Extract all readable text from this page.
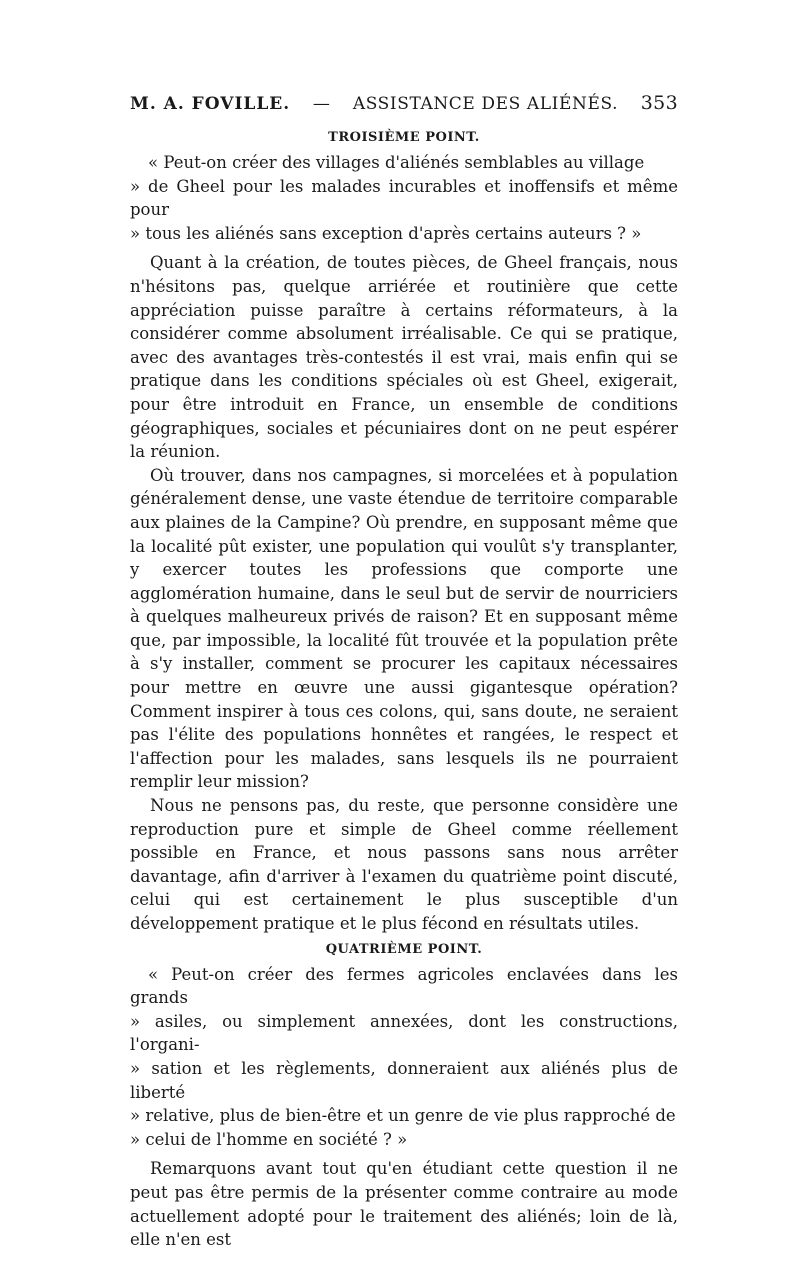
M. A. FOVILLE. — ASSISTANCE DES ALIÉNÉS. 353
TROISIÈME POINT.

« Peut-on créer des villages d'aliénés semblables au village
» de Gheel pour les malades incurables et inoffensifs et même pour
» tous les aliénés sans exception d'après certains auteurs ? »

Quant à la création, de toutes pièces, de Gheel français, nous n'hésitons pas, quelque arriérée et routinière que cette appréciation puisse paraître à certains réformateurs, à la considérer comme absolument irréalisable. Ce qui se pratique, avec des avantages très-contestés il est vrai, mais enfin qui se pratique dans les conditions spéciales où est Gheel, exigerait, pour être introduit en France, un ensemble de conditions géographiques, sociales et pécuniaires dont on ne peut espérer la réunion.

Où trouver, dans nos campagnes, si morcelées et à population généralement dense, une vaste étendue de territoire comparable aux plaines de la Campine? Où prendre, en supposant même que la localité pût exister, une population qui voulût s'y transplanter, y exercer toutes les professions que comporte une agglomération humaine, dans le seul but de servir de nourriciers à quelques malheureux privés de raison? Et en supposant même que, par impossible, la localité fût trouvée et la population prête à s'y installer, comment se procurer les capitaux nécessaires pour mettre en œuvre une aussi gigantesque opération? Comment inspirer à tous ces colons, qui, sans doute, ne seraient pas l'élite des populations honnêtes et rangées, le respect et l'affection pour les malades, sans lesquels ils ne pourraient remplir leur mission?

Nous ne pensons pas, du reste, que personne considère une reproduction pure et simple de Gheel comme réellement possible en France, et nous passons sans nous arrêter davantage, afin d'arriver à l'examen du quatrième point discuté, celui qui est certainement le plus susceptible d'un développement pratique et le plus fécond en résultats utiles.

QUATRIÈME POINT.

« Peut-on créer des fermes agricoles enclavées dans les grands
» asiles, ou simplement annexées, dont les constructions, l'organi-
» sation et les règlements, donneraient aux aliénés plus de liberté
» relative, plus de bien-être et un genre de vie plus rapproché de
» celui de l'homme en société ? »

Remarquons avant tout qu'en étudiant cette question il ne peut pas être permis de la présenter comme contraire au mode actuellement adopté pour le traitement des aliénés; loin de là, elle n'en est
